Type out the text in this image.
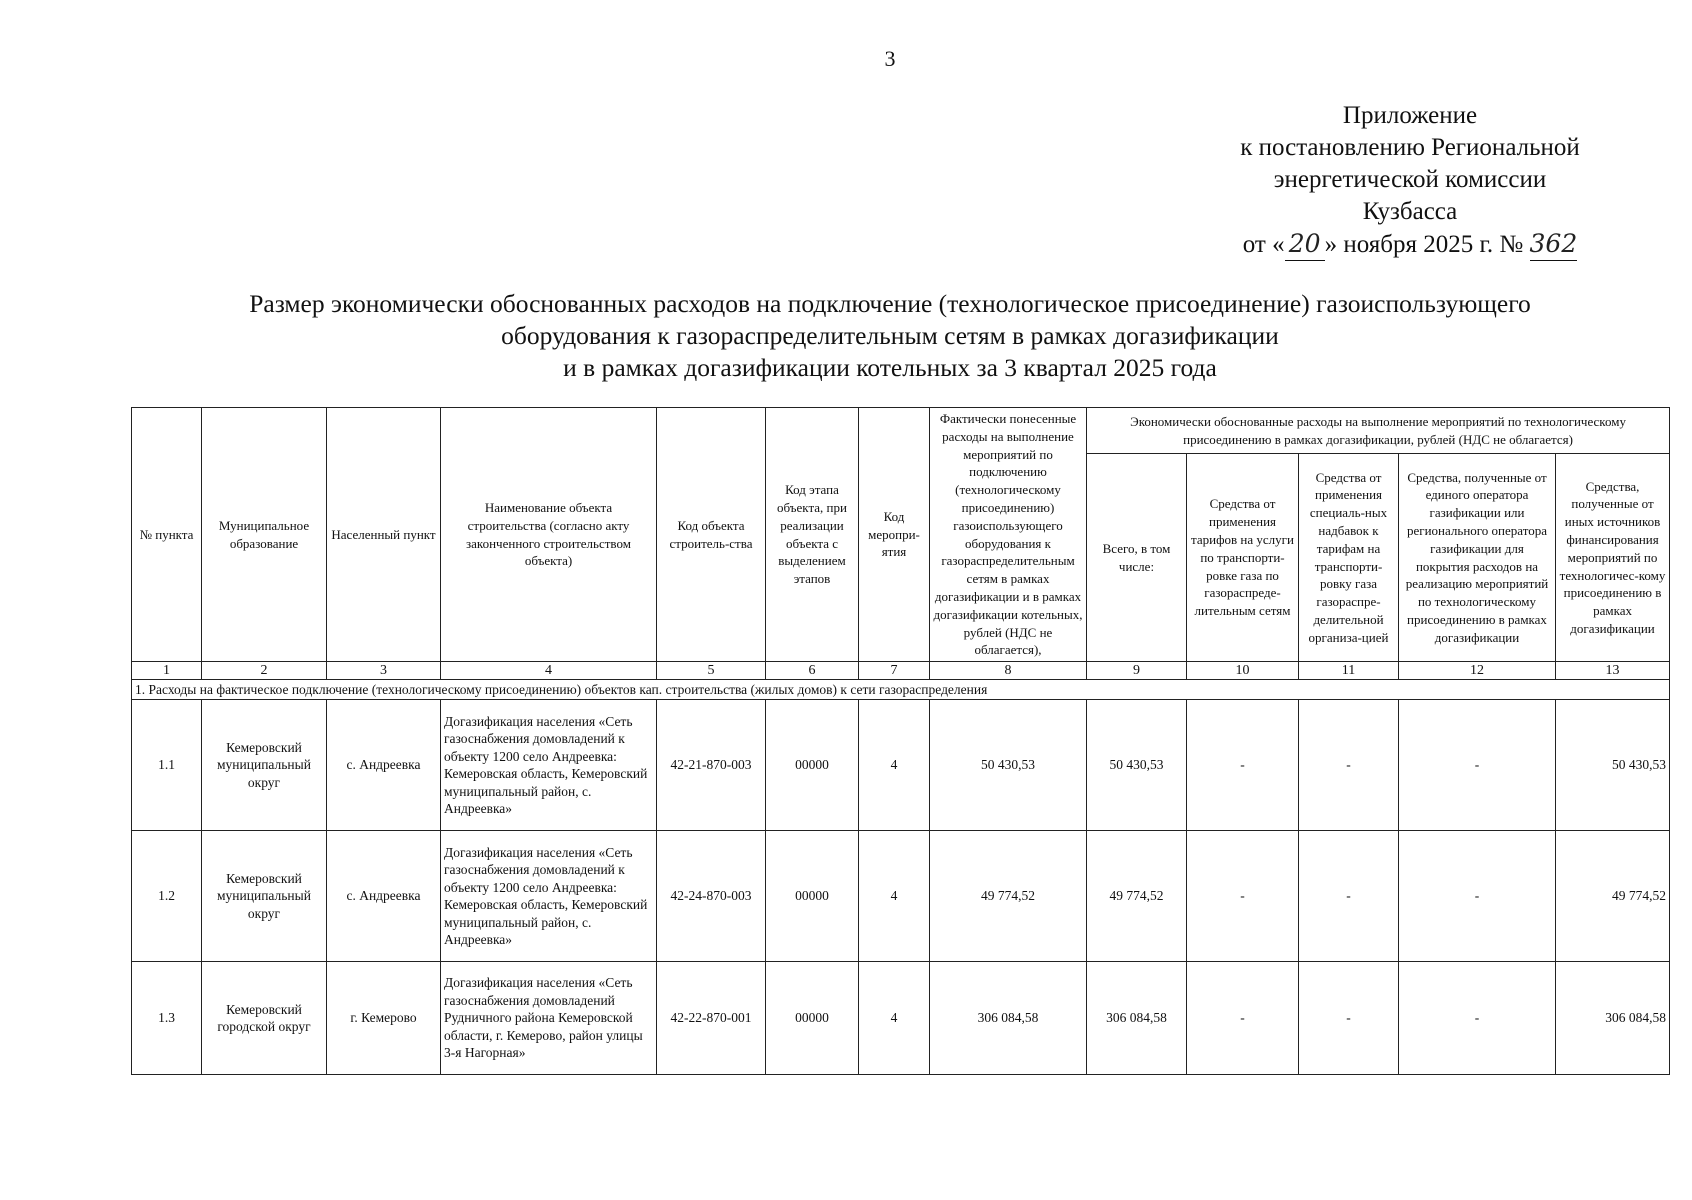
3
Приложение
к постановлению Региональной
энергетической комиссии
Кузбасса
от « 20 » ноября 2025 г. № 362
Размер экономически обоснованных расходов на подключение (технологическое присоединение) газоиспользующего
оборудования к газораспределительным сетям в рамках догазификации
и в рамках догазификации котельных за 3 квартал 2025 года
№ пункта	Муниципальное образование	Населенный пункт	Наименование объекта строительства (согласно акту законченного строительством объекта)	Код объекта строитель-ства	Код этапа объекта, при реализации объекта с выделением этапов	Код меропри-ятия	Фактически понесенные расходы на выполнение мероприятий по подключению (технологическому присоединению) газоиспользующего оборудования к газораспределительным сетям в рамках догазификации и в рамках догазификации котельных, рублей (НДС не облагается),	Экономически обоснованные расходы на выполнение мероприятий по технологическому присоединению в рамках догазификации, рублей (НДС не облагается)				
								Всего, в том числе:	Средства от применения тарифов на услуги по транспорти-ровке газа по газораспреде-лительным сетям	Средства от применения специаль-ных надбавок к тарифам на транспорти-ровку газа газораспре-делительной организа-цией	Средства, полученные от единого оператора газификации или регионального оператора газификации для покрытия расходов на реализацию мероприятий по технологическому присоединению в рамках догазификации	Средства, полученные от иных источников финансирования мероприятий по технологичес-кому присоединению в рамках догазификации
1	2	3	4	5	6	7	8	9	10	11	12	13
1. Расходы на фактическое подключение (технологическому присоединению) объектов кап. строительства (жилых домов) к сети газораспределения												
1.1	Кемеровский муниципальный округ	с. Андреевка	Догазификация населения «Сеть газоснабжения домовладений к объекту 1200 село Андреевка: Кемеровская область, Кемеровский муниципальный район, с. Андреевка»	42-21-870-003	00000	4	50 430,53	50 430,53	-	-	-	50 430,53
1.2	Кемеровский муниципальный округ	с. Андреевка	Догазификация населения «Сеть газоснабжения домовладений к объекту 1200 село Андреевка: Кемеровская область, Кемеровский муниципальный район, с. Андреевка»	42-24-870-003	00000	4	49 774,52	49 774,52	-	-	-	49 774,52
1.3	Кемеровский городской округ	г. Кемерово	Догазификация населения «Сеть газоснабжения домовладений Рудничного района Кемеровской области, г. Кемерово, район улицы 3-я Нагорная»	42-22-870-001	00000	4	306 084,58	306 084,58	-	-	-	306 084,58
